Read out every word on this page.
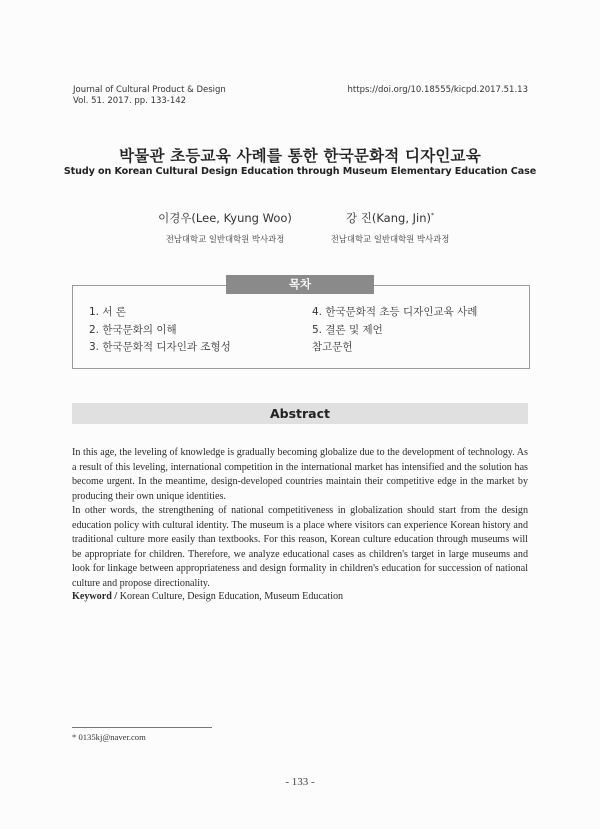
Journal of Cultural Product & Design
Vol. 51. 2017. pp. 133-142
https://doi.org/10.18555/kicpd.2017.51.13
박물관 초등교육 사례를 통한 한국문화적 디자인교육
Study on Korean Cultural Design Education through Museum Elementary Education Case
이경우(Lee, Kyung Woo)	강 진(Kang, Jin)*
전남대학교 일반대학원 박사과정	전남대학교 일반대학원 박사과정
목차
1. 서 론
2. 한국문화의 이해
3. 한국문화적 디자인과 조형성
4. 한국문화적 초등 디자인교육 사례
5. 결론 및 제언
참고문헌
Abstract
In this age, the leveling of knowledge is gradually becoming globalize due to the development of technology. As a result of this leveling, international competition in the international market has intensified and the solution has become urgent. In the meantime, design-developed countries maintain their competitive edge in the market by producing their own unique identities.
In other words, the strengthening of national competitiveness in globalization should start from the design education policy with cultural identity. The museum is a place where visitors can experience Korean history and traditional culture more easily than textbooks. For this reason, Korean culture education through museums will be appropriate for children. Therefore, we analyze educational cases as children's target in large museums and look for linkage between appropriateness and design formality in children's education for succession of national culture and propose directionality.
Keyword / Korean Culture, Design Education, Museum Education
* 0135kj@naver.com
- 133 -
